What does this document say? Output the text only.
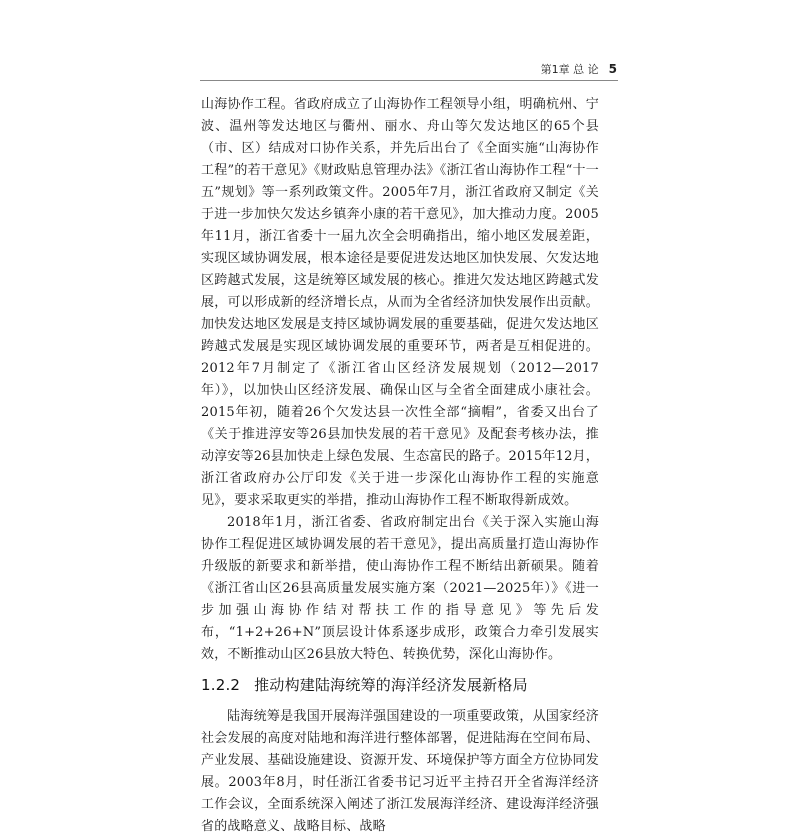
第1章 总 论 5

山海协作工程。省政府成立了山海协作工程领导小组，明确杭州、宁波、温州等发达地区与衢州、丽水、舟山等欠发达地区的65个县（市、区）结成对口协作关系，并先后出台了《全面实施“山海协作工程”的若干意见》《财政贴息管理办法》《浙江省山海协作工程“十一五”规划》等一系列政策文件。2005年7月，浙江省政府又制定《关于进一步加快欠发达乡镇奔小康的若干意见》，加大推动力度。2005年11月，浙江省委十一届九次全会明确指出，缩小地区发展差距，实现区域协调发展，根本途径是要促进发达地区加快发展、欠发达地区跨越式发展，这是统筹区域发展的核心。推进欠发达地区跨越式发展，可以形成新的经济增长点，从而为全省经济加快发展作出贡献。加快发达地区发展是支持区域协调发展的重要基础，促进欠发达地区跨越式发展是实现区域协调发展的重要环节，两者是互相促进的。2012年7月制定了《浙江省山区经济发展规划（2012—2017年）》，以加快山区经济发展、确保山区与全省全面建成小康社会。2015年初，随着26个欠发达县一次性全部“摘帽”，省委又出台了《关于推进淳安等26县加快发展的若干意见》及配套考核办法，推动淳安等26县加快走上绿色发展、生态富民的路子。2015年12月，浙江省政府办公厅印发《关于进一步深化山海协作工程的实施意见》，要求采取更实的举措，推动山海协作工程不断取得新成效。

2018年1月，浙江省委、省政府制定出台《关于深入实施山海协作工程促进区域协调发展的若干意见》，提出高质量打造山海协作升级版的新要求和新举措，使山海协作工程不断结出新硕果。随着《浙江省山区26县高质量发展实施方案（2021—2025年）》《进一步加强山海协作结对帮扶工作的指导意见》等先后发布，“1+2+26+N”顶层设计体系逐步成形，政策合力牵引发展实效，不断推动山区26县放大特色、转换优势，深化山海协作。

1.2.2 推动构建陆海统筹的海洋经济发展新格局

陆海统筹是我国开展海洋强国建设的一项重要政策，从国家经济社会发展的高度对陆地和海洋进行整体部署，促进陆海在空间布局、产业发展、基础设施建设、资源开发、环境保护等方面全方位协同发展。2003年8月，时任浙江省委书记习近平主持召开全省海洋经济工作会议，全面系统深入阐述了浙江发展海洋经济、建设海洋经济强省的战略意义、战略目标、战略
